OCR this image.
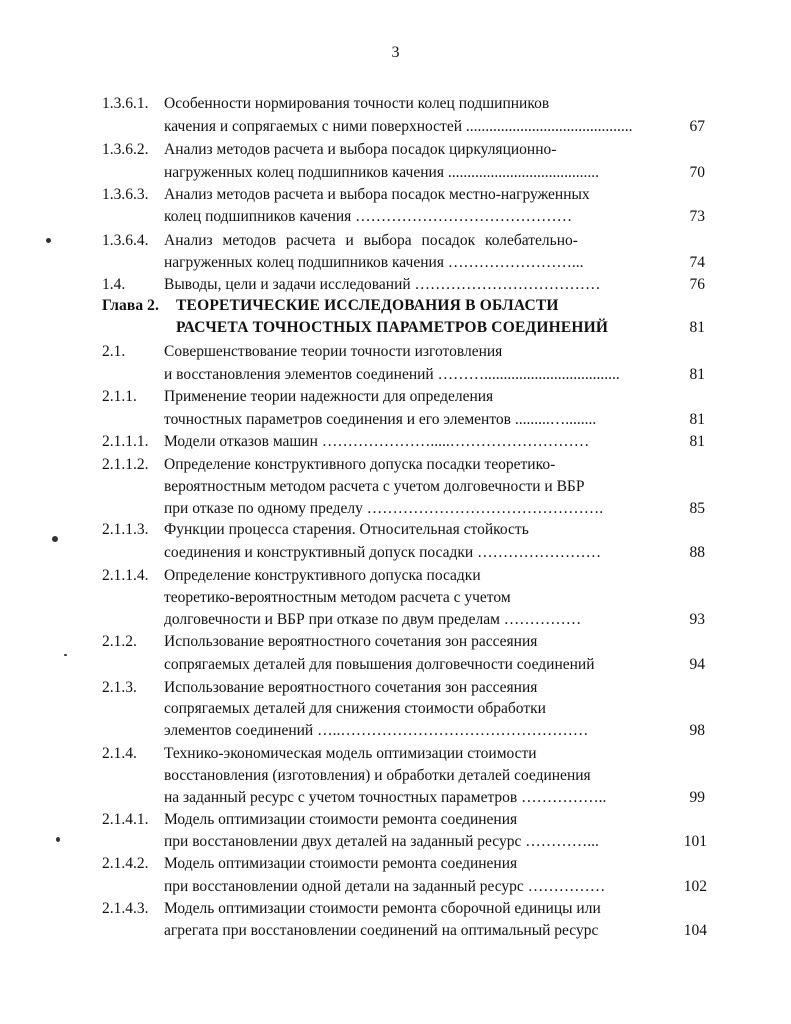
3
1.3.6.1. Особенности нормирования точности колец подшипников
качения и сопрягаемых с ними поверхностей ...........................................	67
1.3.6.2. Анализ методов расчета и выбора посадок циркуляционно-
нагруженных колец подшипников качения .......................................	70
1.3.6.3. Анализ методов расчета и выбора посадок местно-нагруженных
колец подшипников качения ……………………………………	73
1.3.6.4. Анализ методов расчета и выбора посадок колебательно-
нагруженных колец подшипников качения ……………………...	74
1.4.	Выводы, цели и задачи исследований ………………………………	76
Глава 2. ТЕОРЕТИЧЕСКИЕ ИССЛЕДОВАНИЯ В ОБЛАСТИ
РАСЧЕТА ТОЧНОСТНЫХ ПАРАМЕТРОВ СОЕДИНЕНИЙ	81
2.1.	Совершенствование теории точности изготовления
и восстановления элементов соединений ………...................................	81
2.1.1. Применение теории надежности для определения
точностных параметров соединения и его элементов .........…........	81
2.1.1.1. Модели отказов машин ………………….....………………………	81
2.1.1.2. Определение конструктивного допуска посадки теоретико-
вероятностным методом расчета с учетом долговечности и ВБР
при отказе по одному пределу ……………………………………….	85
2.1.1.3. Функции процесса старения. Относительная стойкость
соединения и конструктивный допуск посадки ……………………	88
2.1.1.4. Определение конструктивного допуска посадки
теоретико-вероятностным методом расчета с учетом
долговечности и ВБР при отказе по двум пределам ……………	93
2.1.2. Использование вероятностного сочетания зон рассеяния
сопрягаемых деталей для повышения долговечности соединений	94
2.1.3. Использование вероятностного сочетания зон рассеяния
сопрягаемых деталей для снижения стоимости обработки
элементов соединений …..…………………………………………	98
2.1.4. Технико-экономическая модель оптимизации стоимости
восстановления (изготовления) и обработки деталей соединения
на заданный ресурс с учетом точностных параметров ……………..	99
2.1.4.1. Модель оптимизации стоимости ремонта соединения
при восстановлении двух деталей на заданный ресурс …………...	101
2.1.4.2. Модель оптимизации стоимости ремонта соединения
при восстановлении одной детали на заданный ресурс ……………	102
2.1.4.3. Модель оптимизации стоимости ремонта сборочной единицы или
агрегата при восстановлении соединений на оптимальный ресурс	104
